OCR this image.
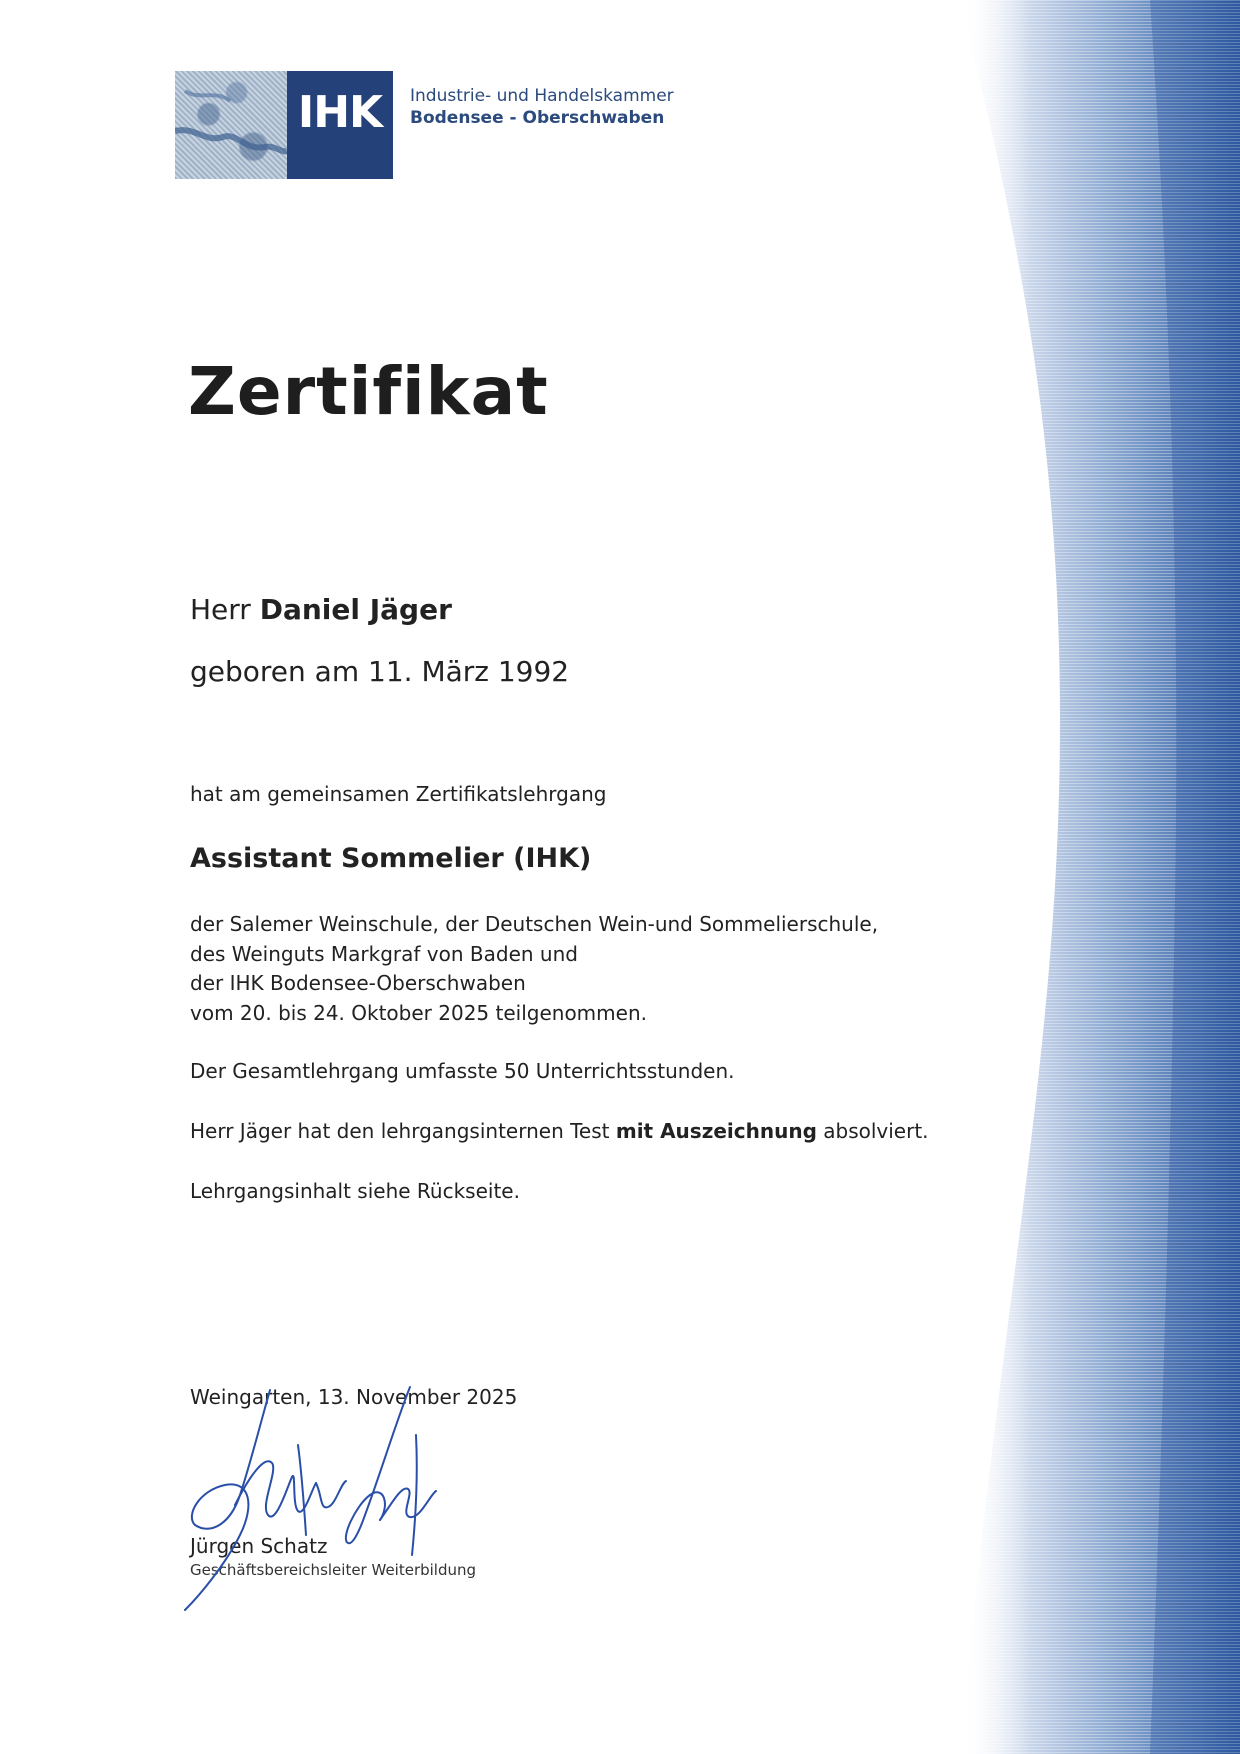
IHK	Industrie- und Handelskammer
Bodensee - Oberschwaben
Zertifikat
Herr Daniel Jäger
geboren am 11. März 1992
hat am gemeinsamen Zertifikatslehrgang
Assistant Sommelier (IHK)
der Salemer Weinschule, der Deutschen Wein-und Sommelierschule,
des Weinguts Markgraf von Baden und
der IHK Bodensee-Oberschwaben
vom 20. bis 24. Oktober 2025 teilgenommen.
Der Gesamtlehrgang umfasste 50 Unterrichtsstunden.
Herr Jäger hat den lehrgangsinternen Test mit Auszeichnung absolviert.
Lehrgangsinhalt siehe Rückseite.
Weingarten, 13. November 2025
Jürgen Schatz
Geschäftsbereichsleiter Weiterbildung
